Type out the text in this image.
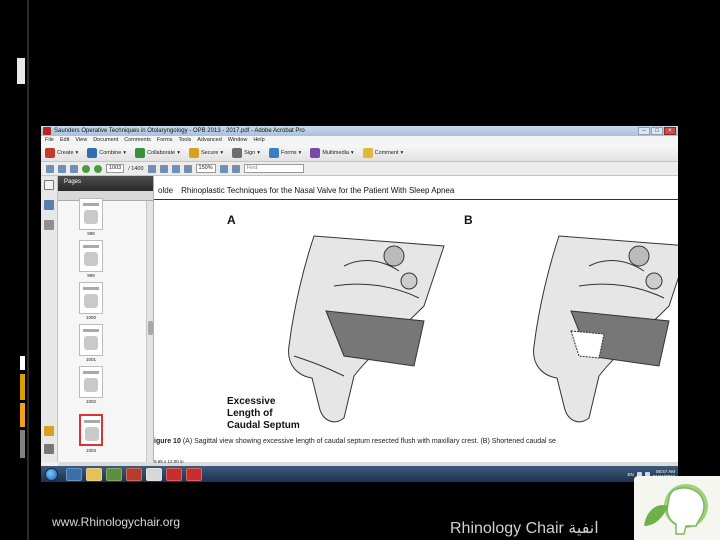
Saunders Operative Techniques in Otolaryngology - OPB 2013 - 2017.pdf - Adobe Acrobat Pro	–	□	×
File Edit View Document Comments Forms Tools Advanced Window Help
Create ▾	Combine ▾	Collaborate ▾	Secure ▾	Sign ▾	Forms ▾	Multimedia ▾	Comment ▾
1003	/ 1400	150%	Find
Pages
998
999
1000
1001
1002
1003
olde Rhinoplastic Techniques for the Nasal Valve for the Patient With Sleep Apnea
A	B
Excessive
Length of
Caudal Septum
igure 10 (A) Sagittal view showing excessive length of caudal septum resected flush with maxillary crest. (B) Shortened caudal se
9.65 x 12.00 in
EN	06:57 AM

www.Rhinologychair.org	Rhinology Chair انفية
